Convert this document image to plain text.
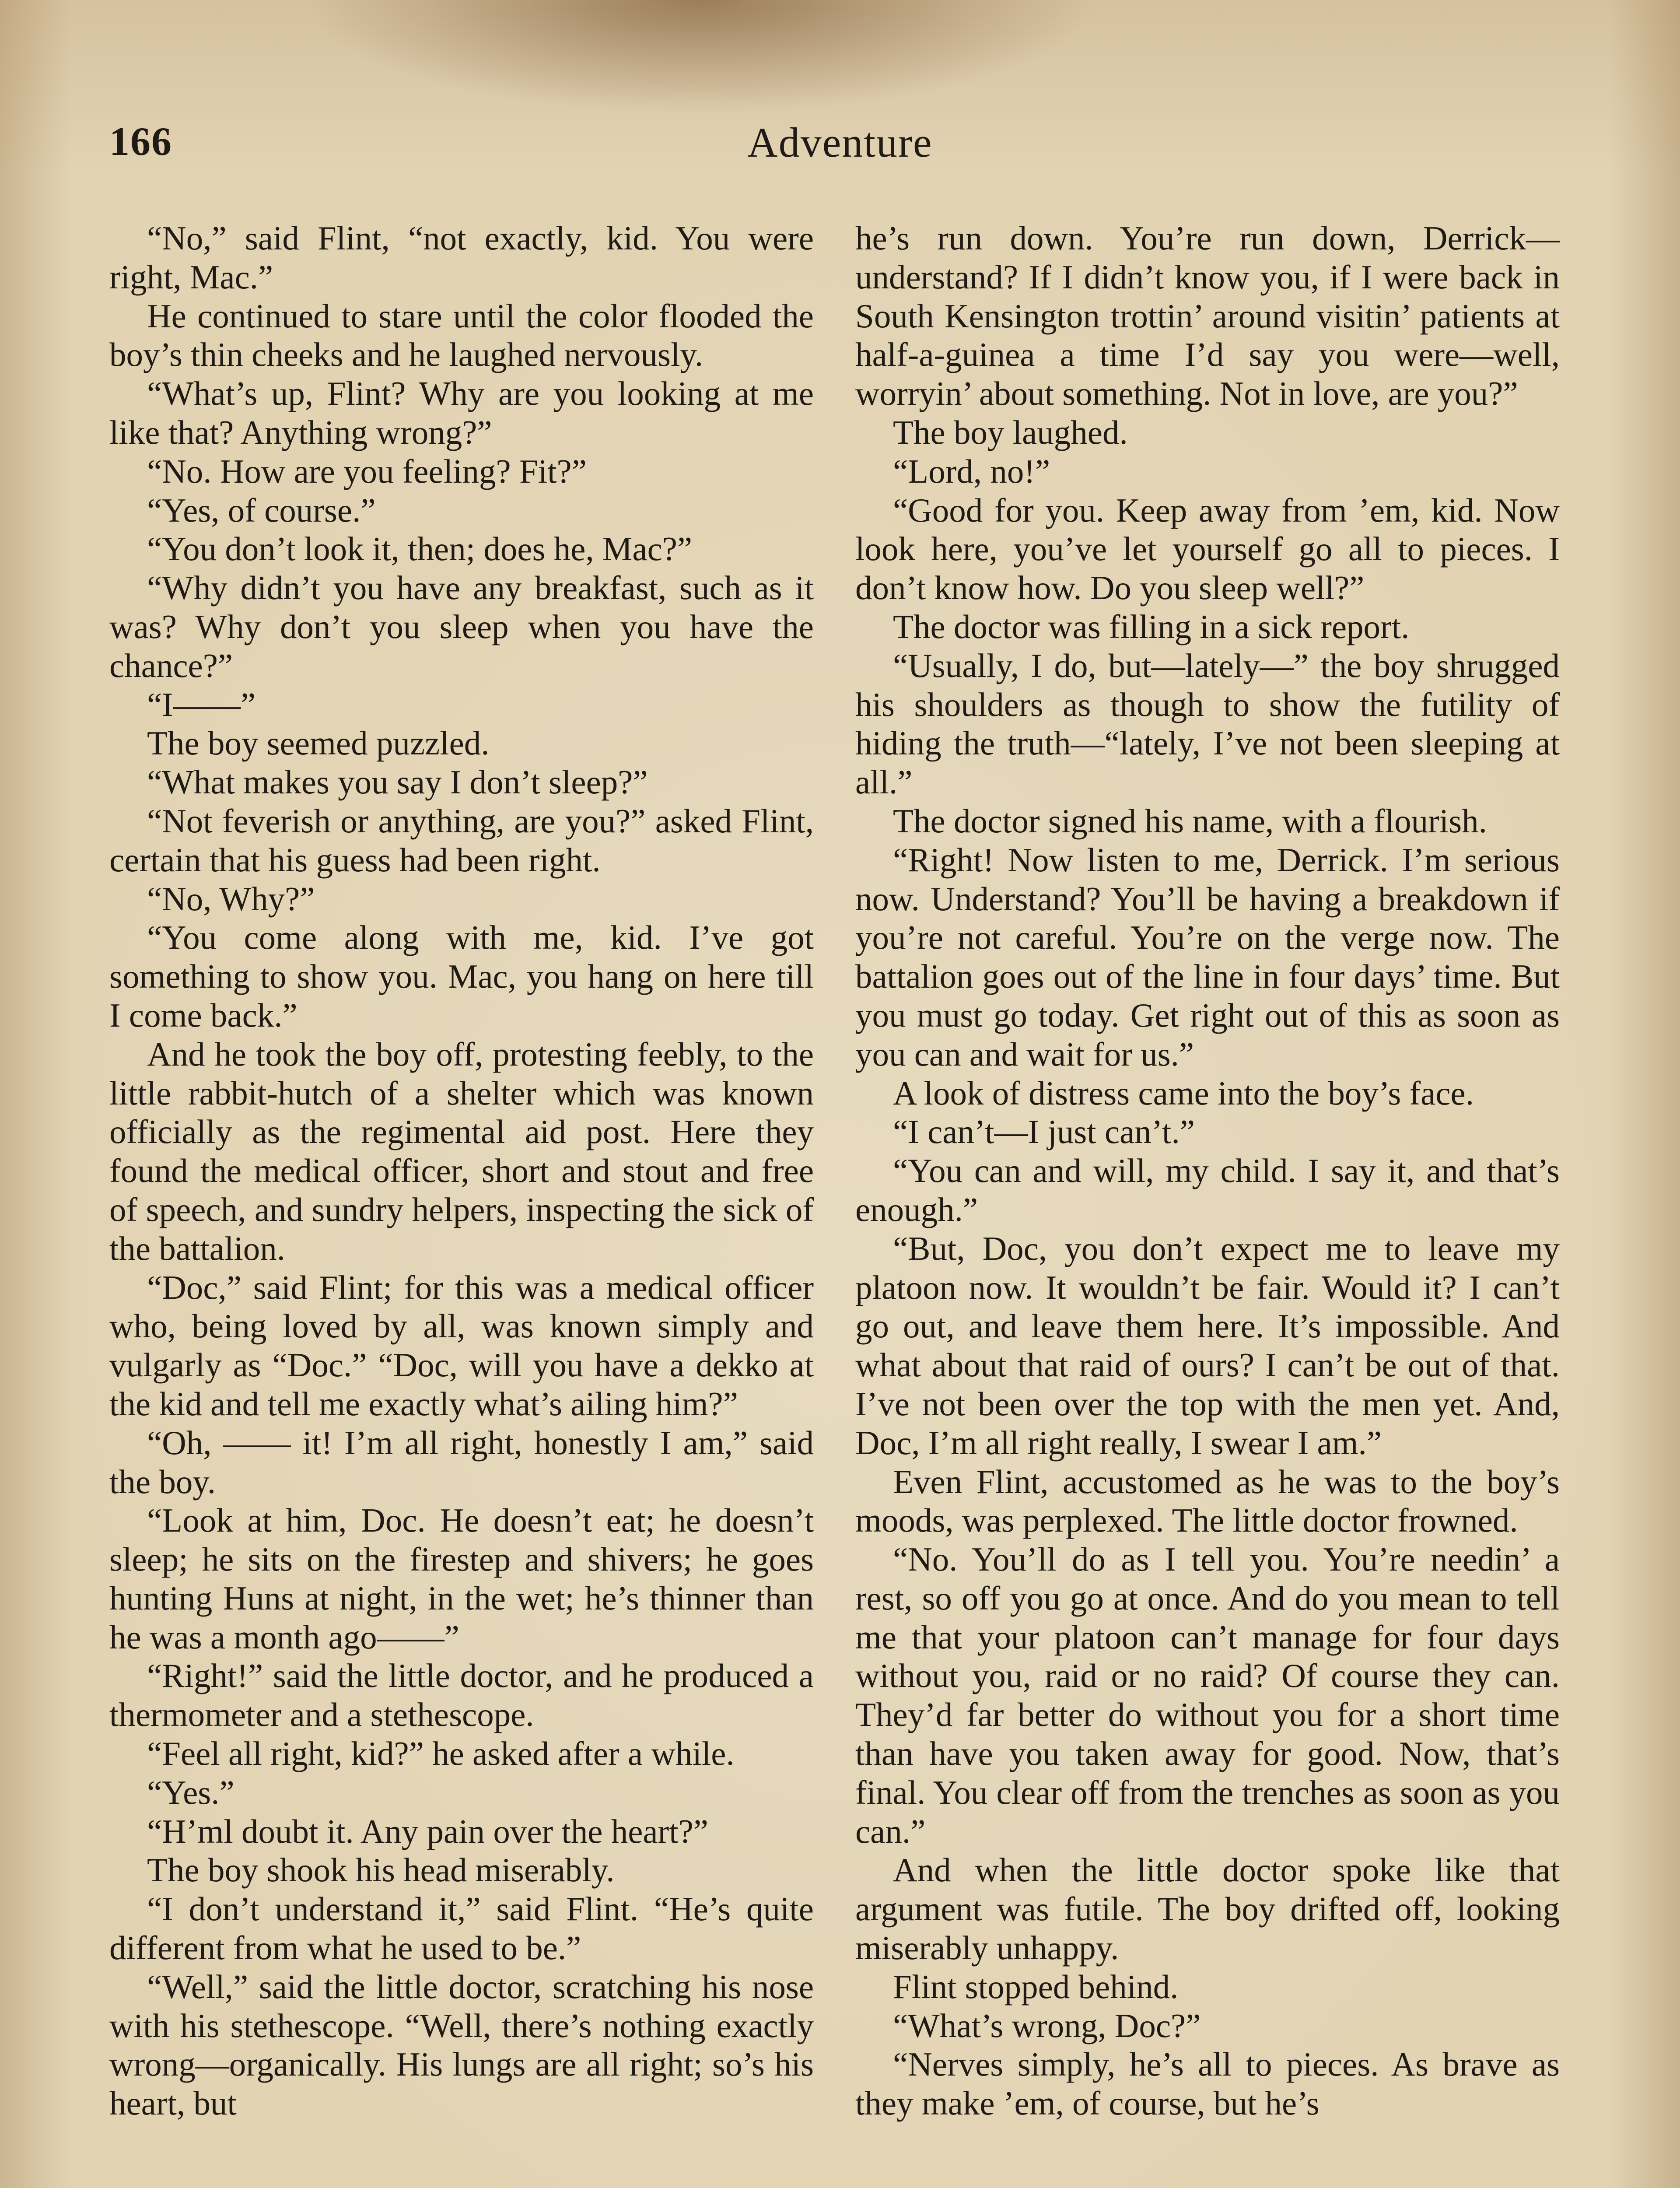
166	Adventure

“No,” said Flint, “not exactly, kid. You were right, Mac.”

He continued to stare until the color flooded the boy’s thin cheeks and he laughed nervously.

“What’s up, Flint? Why are you looking at me like that? Anything wrong?”

“No. How are you feeling? Fit?”

“Yes, of course.”

“You don’t look it, then; does he, Mac?”

“Why didn’t you have any breakfast, such as it was? Why don’t you sleep when you have the chance?”

“I——”

The boy seemed puzzled.

“What makes you say I don’t sleep?”

“Not feverish or anything, are you?” asked Flint, certain that his guess had been right.

“No, Why?”

“You come along with me, kid. I’ve got something to show you. Mac, you hang on here till I come back.”

And he took the boy off, protesting feebly, to the little rabbit-hutch of a shelter which was known officially as the regimental aid post. Here they found the medical officer, short and stout and free of speech, and sundry helpers, inspecting the sick of the battalion.

“Doc,” said Flint; for this was a medical officer who, being loved by all, was known simply and vulgarly as “Doc.” “Doc, will you have a dekko at the kid and tell me exactly what’s ailing him?”

“Oh, —— it! I’m all right, honestly I am,” said the boy.

“Look at him, Doc. He doesn’t eat; he doesn’t sleep; he sits on the firestep and shivers; he goes hunting Huns at night, in the wet; he’s thinner than he was a month ago——”

“Right!” said the little doctor, and he produced a thermometer and a stethescope.

“Feel all right, kid?” he asked after a while.

“Yes.”

“H’ml doubt it. Any pain over the heart?”

The boy shook his head miserably.

“I don’t understand it,” said Flint. “He’s quite different from what he used to be.”

“Well,” said the little doctor, scratching his nose with his stethescope. “Well, there’s nothing exactly wrong—organically. His lungs are all right; so’s his heart, but

he’s run down. You’re run down, Derrick—understand? If I didn’t know you, if I were back in South Kensington trottin’ around visitin’ patients at half-a-guinea a time I’d say you were—well, worryin’ about something. Not in love, are you?”

The boy laughed.

“Lord, no!”

“Good for you. Keep away from ’em, kid. Now look here, you’ve let yourself go all to pieces. I don’t know how. Do you sleep well?”

The doctor was filling in a sick report.

“Usually, I do, but—lately—” the boy shrugged his shoulders as though to show the futility of hiding the truth—“lately, I’ve not been sleeping at all.”

The doctor signed his name, with a flourish.

“Right! Now listen to me, Derrick. I’m serious now. Understand? You’ll be having a breakdown if you’re not careful. You’re on the verge now. The battalion goes out of the line in four days’ time. But you must go today. Get right out of this as soon as you can and wait for us.”

A look of distress came into the boy’s face.

“I can’t—I just can’t.”

“You can and will, my child. I say it, and that’s enough.”

“But, Doc, you don’t expect me to leave my platoon now. It wouldn’t be fair. Would it? I can’t go out, and leave them here. It’s impossible. And what about that raid of ours? I can’t be out of that. I’ve not been over the top with the men yet. And, Doc, I’m all right really, I swear I am.”

Even Flint, accustomed as he was to the boy’s moods, was perplexed. The little doctor frowned.

“No. You’ll do as I tell you. You’re needin’ a rest, so off you go at once. And do you mean to tell me that your platoon can’t manage for four days without you, raid or no raid? Of course they can. They’d far better do without you for a short time than have you taken away for good. Now, that’s final. You clear off from the trenches as soon as you can.”

And when the little doctor spoke like that argument was futile. The boy drifted off, looking miserably unhappy.

Flint stopped behind.

“What’s wrong, Doc?”

“Nerves simply, he’s all to pieces. As brave as they make ’em, of course, but he’s
